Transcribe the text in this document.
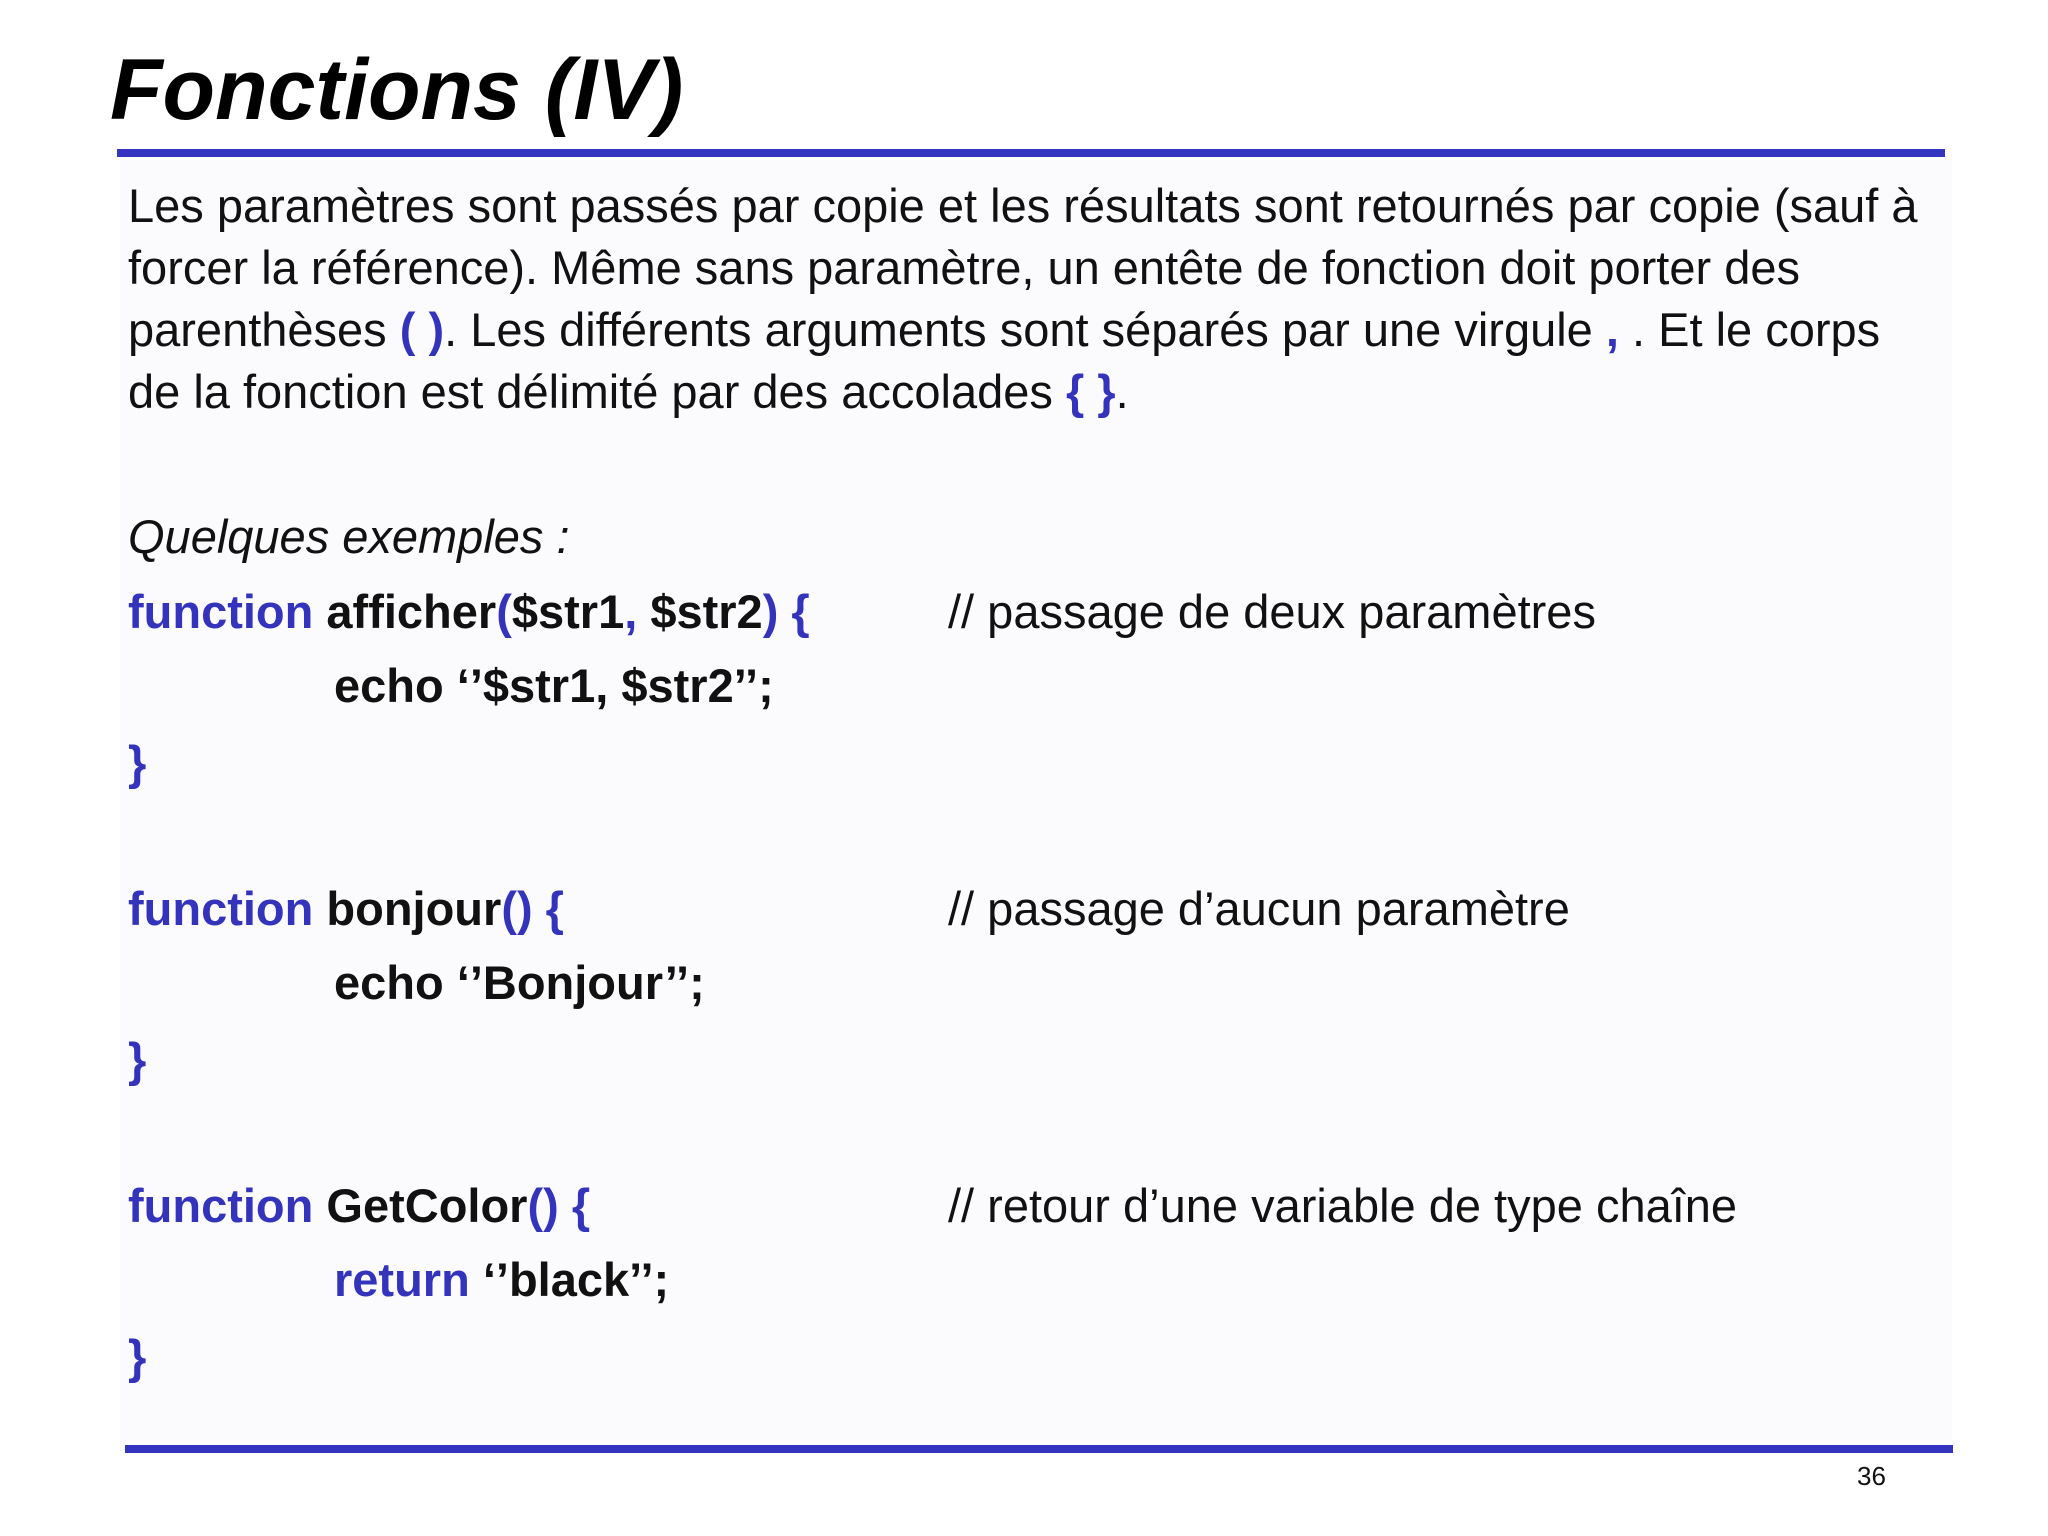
Fonctions (IV)

Les paramètres sont passés par copie et les résultats sont retournés par copie (sauf à forcer la référence). Même sans paramètre, un entête de fonction doit porter des parenthèses ( ). Les différents arguments sont séparés par une virgule , . Et le corps de la fonction est délimité par des accolades { }.

Quelques exemples :

function afficher($str1, $str2) {	// passage de deux paramètres

echo ‘’$str1, $str2’’;

}

function bonjour() {	// passage d’aucun paramètre

echo ‘’Bonjour’’;

}

function GetColor() {	// retour d’une variable de type chaîne

return ‘’black’’;

}

36
